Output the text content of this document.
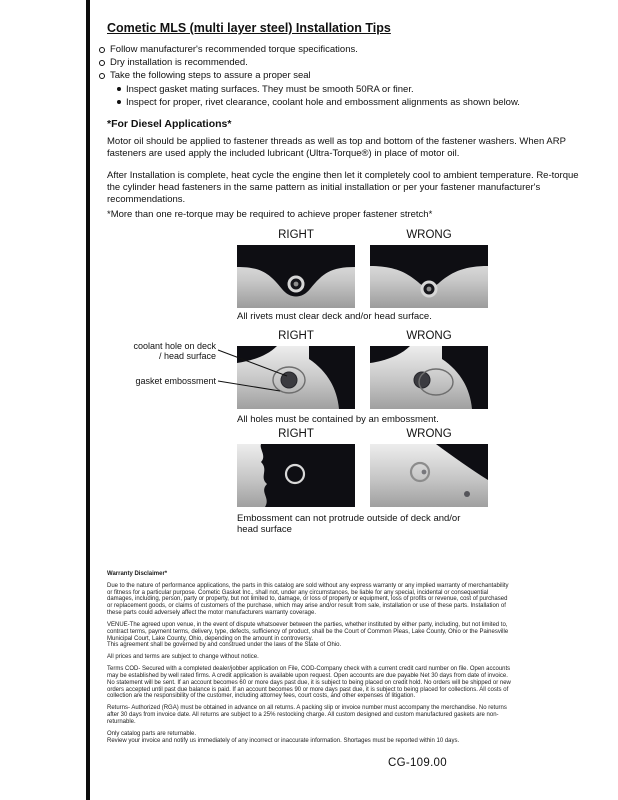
Cometic MLS (multi layer steel) Installation Tips
Follow manufacturer's recommended torque specifications.
Dry installation is recommended.
Take the following steps to assure a proper seal
Inspect gasket mating surfaces. They must be smooth 50RA or finer.
Inspect for proper, rivet clearance, coolant hole and embossment alignments as shown below.
*For Diesel Applications*
Motor oil should be applied to fastener threads as well as top and bottom of the fastener washers. When ARP fasteners are used apply the included lubricant (Ultra-Torque®) in place of motor oil.
After Installation is complete, heat cycle the engine then let it completely cool to ambient temperature. Re-torque the cylinder head fasteners in the same pattern as initial installation or per your fastener manufacturer's recommendations.
*More than one re-torque may be required to achieve proper fastener stretch*
RIGHT	WRONG
All rivets must clear deck and/or head surface.
RIGHT	WRONG
coolant hole on deck / head surface
gasket embossment
All holes must be contained by an embossment.
RIGHT	WRONG
Embossment can not protrude outside of deck and/or head surface
Warranty Disclaimer*

Due to the nature of performance applications, the parts in this catalog are sold without any express warranty or any implied warranty of merchantability or fitness for a particular purpose. Cometic Gasket Inc., shall not, under any circumstances, be liable for any special, incidental or consequential damages, including, person, party or property, but not limited to, damage, or loss of property or equipment, loss of profits or revenue, cost of purchased or replacement goods, or claims of customers of the purchase, which may arise and/or result from sale, installation or use of these parts. Installation of these parts could adversely affect the motor manufacturers warranty coverage.

VENUE-The agreed upon venue, in the event of dispute whatsoever between the parties, whether instituted by either party, including, but not limited to, contract terms, payment terms, delivery, type, defects, sufficiency of product, shall be the Court of Common Pleas, Lake County, Ohio or the Painesville Municipal Court, Lake County, Ohio, depending on the amount in controversy.

This agreement shall be governed by and construed under the laws of the State of Ohio.

All prices and terms are subject to change without notice.

Terms COD- Secured with a completed dealer/jobber application on File, COD-Company check with a current credit card number on file. Open accounts may be established by well rated firms. A credit application is available upon request. Open accounts are due payable Net 30 days from date of invoice. No statement will be sent. If an account becomes 60 or more days past due, it is subject to being placed on credit hold. No orders will be shipped or new orders accepted until past due balance is paid. If an account becomes 90 or more days past due, it is subject to being placed for collections. All costs of collection are the responsibility of the customer, including attorney fees, court costs, and other expenses of litigation.

Returns- Authorized (RGA) must be obtained in advance on all returns. A packing slip or invoice number must accompany the merchandise. No returns after 30 days from invoice date. All returns are subject to a 25% restocking charge. All custom designed and custom manufactured gaskets are non-returnable.

Only catalog parts are returnable.

Review your invoice and notify us immediately of any incorrect or inaccurate information. Shortages must be reported within 10 days.

CG-109.00
